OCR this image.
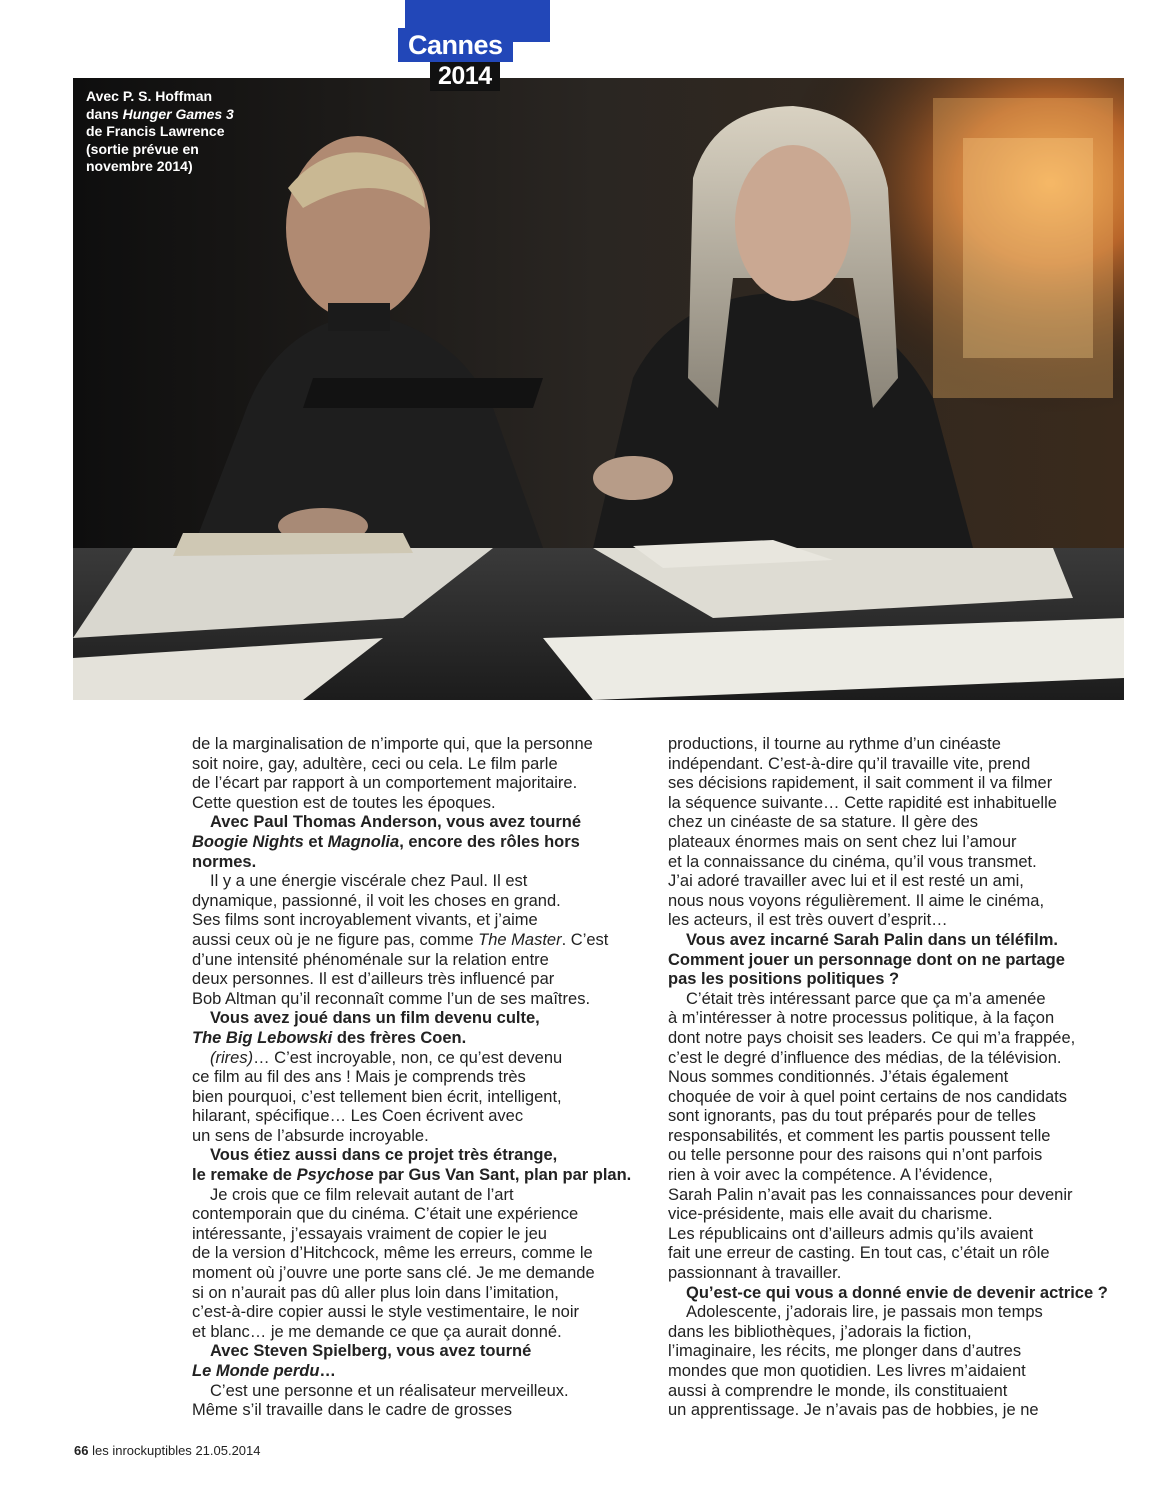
Cannes
2014
Avec P. S. Hoffman
dans Hunger Games 3
de Francis Lawrence
(sortie prévue en
novembre 2014)
de la marginalisation de n’importe qui, que la personne
soit noire, gay, adultère, ceci ou cela. Le film parle
de l’écart par rapport à un comportement majoritaire.
Cette question est de toutes les époques.
Avec Paul Thomas Anderson, vous avez tourné
Boogie Nights et Magnolia, encore des rôles hors
normes.
Il y a une énergie viscérale chez Paul. Il est
dynamique, passionné, il voit les choses en grand.
Ses films sont incroyablement vivants, et j’aime
aussi ceux où je ne figure pas, comme The Master. C’est
d’une intensité phénoménale sur la relation entre
deux personnes. Il est d’ailleurs très influencé par
Bob Altman qu’il reconnaît comme l’un de ses maîtres.
Vous avez joué dans un film devenu culte,
The Big Lebowski des frères Coen.
(rires)… C’est incroyable, non, ce qu’est devenu
ce film au fil des ans ! Mais je comprends très
bien pourquoi, c’est tellement bien écrit, intelligent,
hilarant, spécifique… Les Coen écrivent avec
un sens de l’absurde incroyable.
Vous étiez aussi dans ce projet très étrange,
le remake de Psychose par Gus Van Sant, plan par plan.
Je crois que ce film relevait autant de l’art
contemporain que du cinéma. C’était une expérience
intéressante, j’essayais vraiment de copier le jeu
de la version d’Hitchcock, même les erreurs, comme le
moment où j’ouvre une porte sans clé. Je me demande
si on n’aurait pas dû aller plus loin dans l’imitation,
c’est-à-dire copier aussi le style vestimentaire, le noir
et blanc… je me demande ce que ça aurait donné.
Avec Steven Spielberg, vous avez tourné
Le Monde perdu…
C’est une personne et un réalisateur merveilleux.
Même s’il travaille dans le cadre de grosses
productions, il tourne au rythme d’un cinéaste
indépendant. C’est-à-dire qu’il travaille vite, prend
ses décisions rapidement, il sait comment il va filmer
la séquence suivante… Cette rapidité est inhabituelle
chez un cinéaste de sa stature. Il gère des
plateaux énormes mais on sent chez lui l’amour
et la connaissance du cinéma, qu’il vous transmet.
J’ai adoré travailler avec lui et il est resté un ami,
nous nous voyons régulièrement. Il aime le cinéma,
les acteurs, il est très ouvert d’esprit…
Vous avez incarné Sarah Palin dans un téléfilm.
Comment jouer un personnage dont on ne partage
pas les positions politiques ?
C’était très intéressant parce que ça m’a amenée
à m’intéresser à notre processus politique, à la façon
dont notre pays choisit ses leaders. Ce qui m’a frappée,
c’est le degré d’influence des médias, de la télévision.
Nous sommes conditionnés. J’étais également
choquée de voir à quel point certains de nos candidats
sont ignorants, pas du tout préparés pour de telles
responsabilités, et comment les partis poussent telle
ou telle personne pour des raisons qui n’ont parfois
rien à voir avec la compétence. A l’évidence,
Sarah Palin n’avait pas les connaissances pour devenir
vice-présidente, mais elle avait du charisme.
Les républicains ont d’ailleurs admis qu’ils avaient
fait une erreur de casting. En tout cas, c’était un rôle
passionnant à travailler.
Qu’est-ce qui vous a donné envie de devenir actrice ?
Adolescente, j’adorais lire, je passais mon temps
dans les bibliothèques, j’adorais la fiction,
l’imaginaire, les récits, me plonger dans d’autres
mondes que mon quotidien. Les livres m’aidaient
aussi à comprendre le monde, ils constituaient
un apprentissage. Je n’avais pas de hobbies, je ne
66 les inrockuptibles 21.05.2014
